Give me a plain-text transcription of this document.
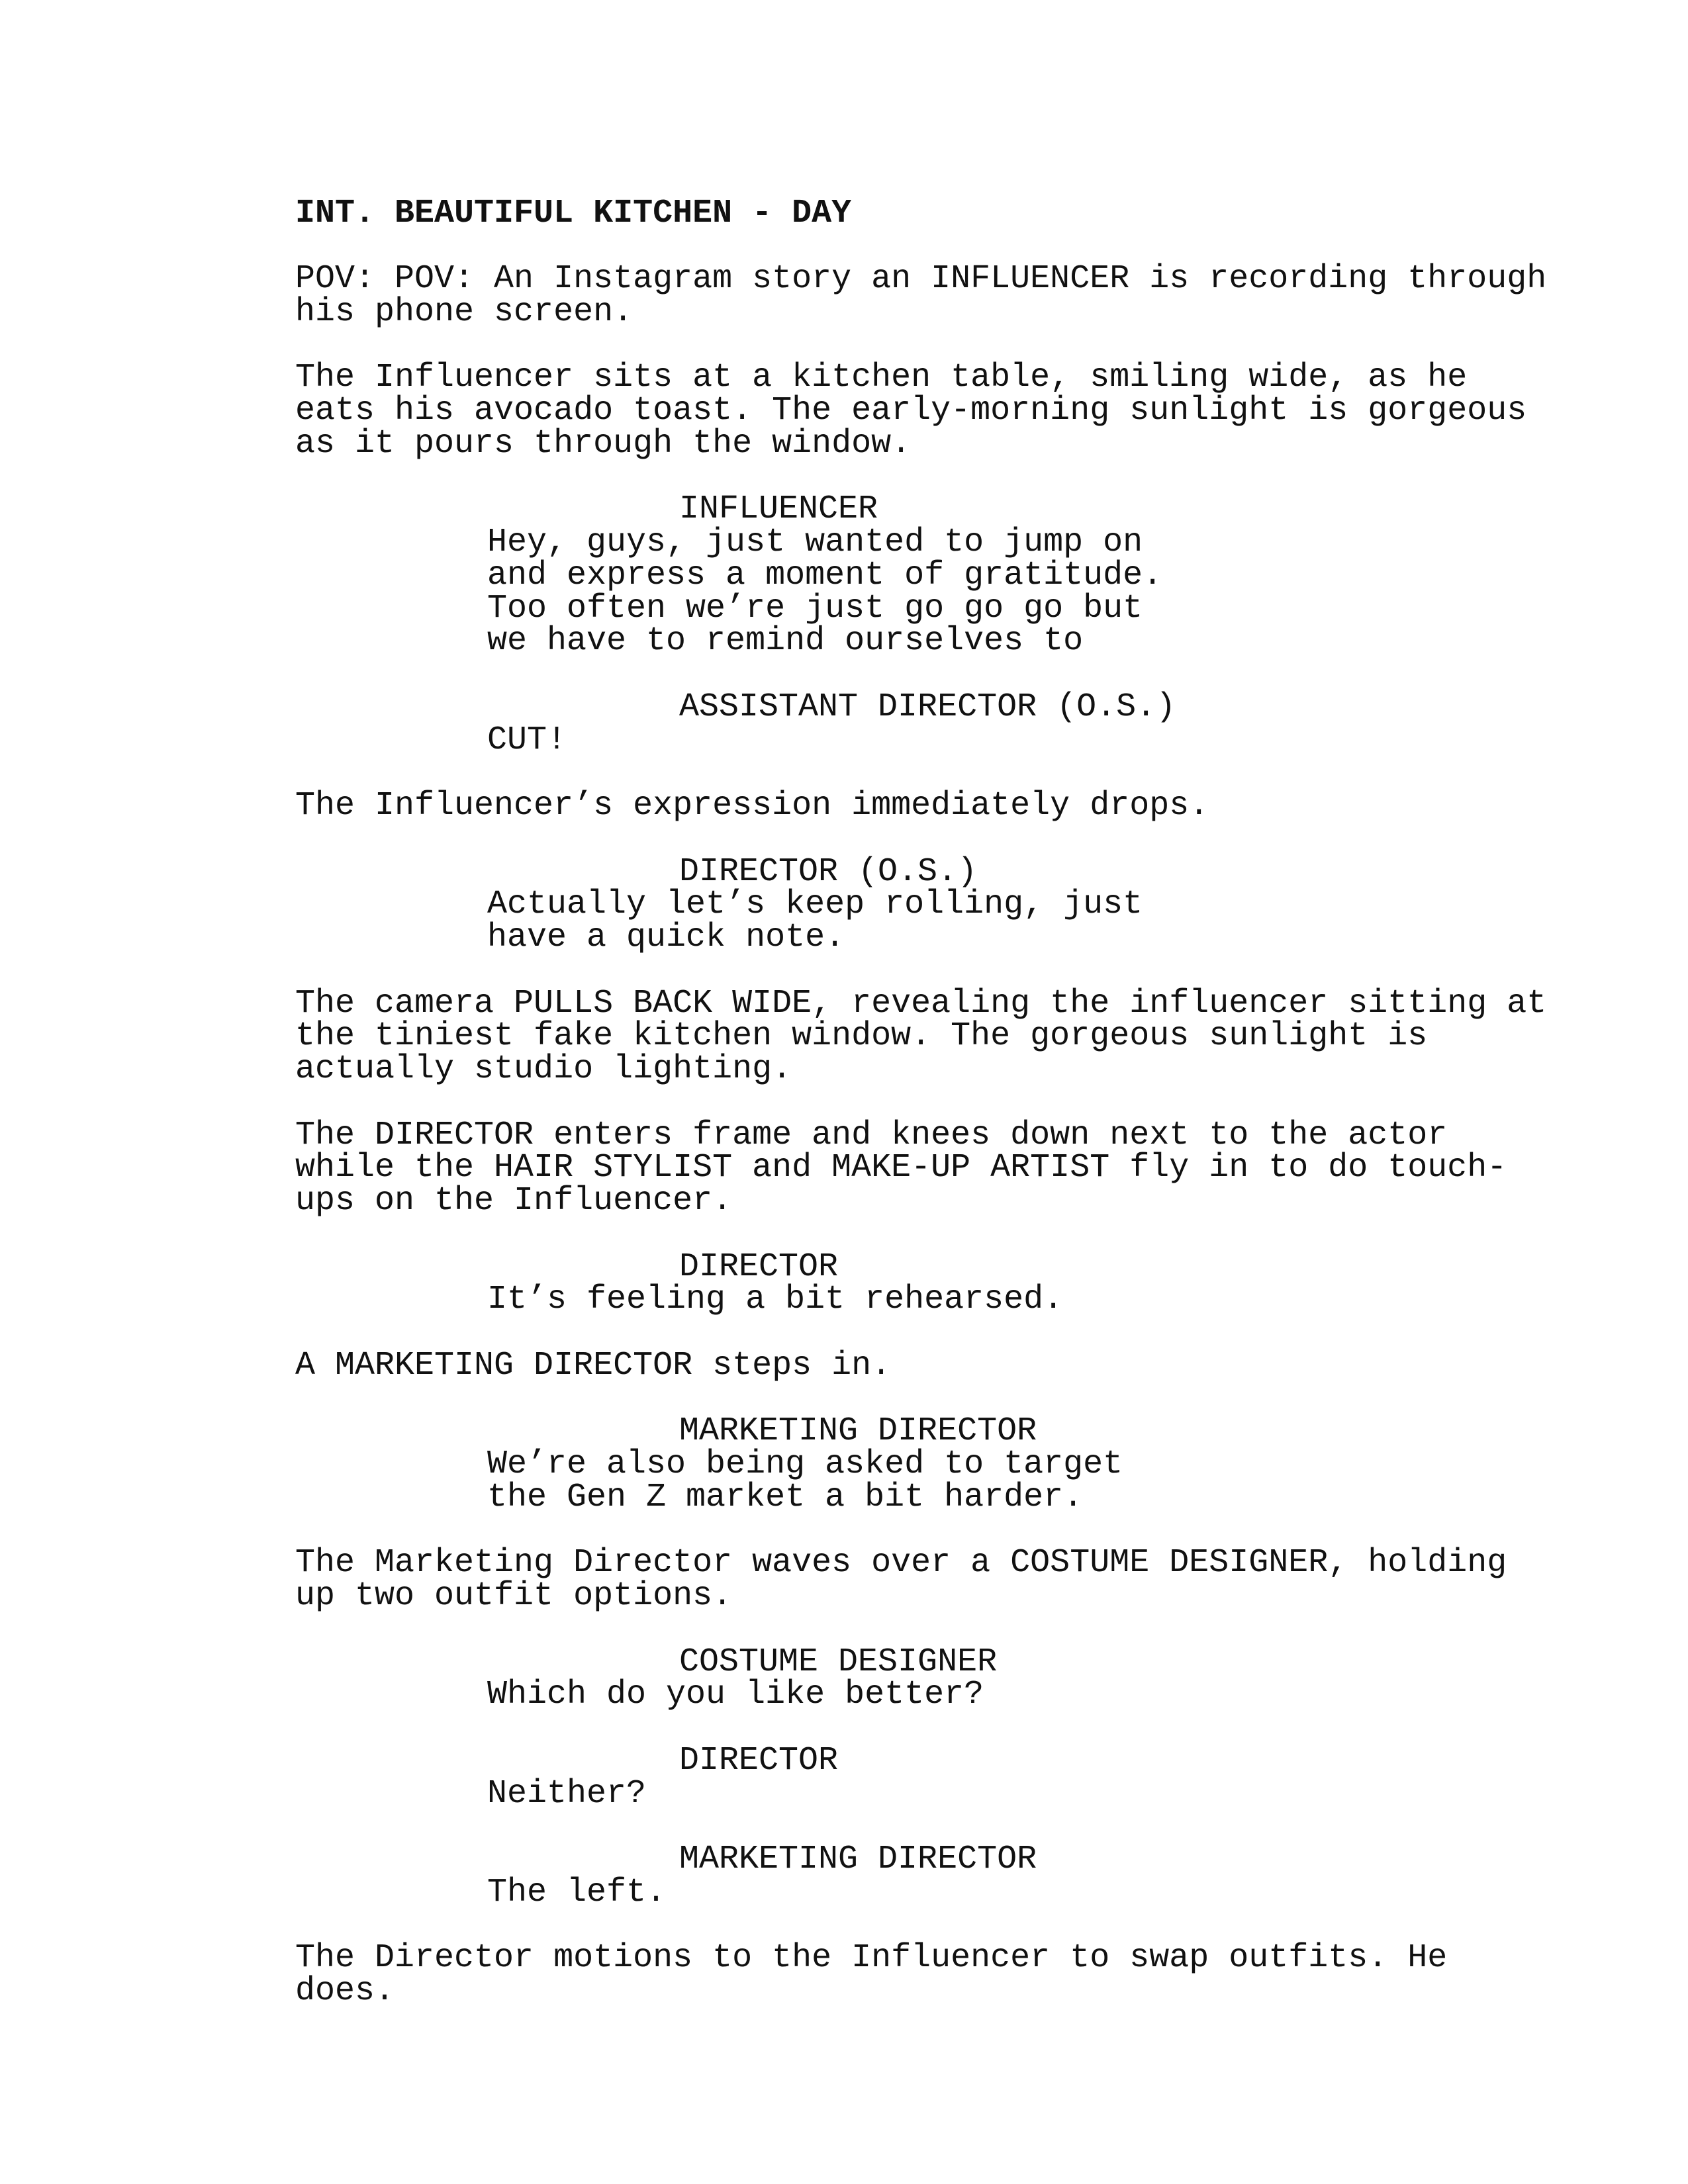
INT. BEAUTIFUL KITCHEN - DAY
POV: POV: An Instagram story an INFLUENCER is recording through
his phone screen.
The Influencer sits at a kitchen table, smiling wide, as he
eats his avocado toast. The early-morning sunlight is gorgeous
as it pours through the window.
INFLUENCER
Hey, guys, just wanted to jump on
and express a moment of gratitude.
Too often we’re just go go go but
we have to remind ourselves to
ASSISTANT DIRECTOR (O.S.)
CUT!
The Influencer’s expression immediately drops.
DIRECTOR (O.S.)
Actually let’s keep rolling, just
have a quick note.
The camera PULLS BACK WIDE, revealing the influencer sitting at
the tiniest fake kitchen window. The gorgeous sunlight is
actually studio lighting.
The DIRECTOR enters frame and knees down next to the actor
while the HAIR STYLIST and MAKE-UP ARTIST fly in to do touch-
ups on the Influencer.
DIRECTOR
It’s feeling a bit rehearsed.
A MARKETING DIRECTOR steps in.
MARKETING DIRECTOR
We’re also being asked to target
the Gen Z market a bit harder.
The Marketing Director waves over a COSTUME DESIGNER, holding
up two outfit options.
COSTUME DESIGNER
Which do you like better?
DIRECTOR
Neither?
MARKETING DIRECTOR
The left.
The Director motions to the Influencer to swap outfits. He
does.
